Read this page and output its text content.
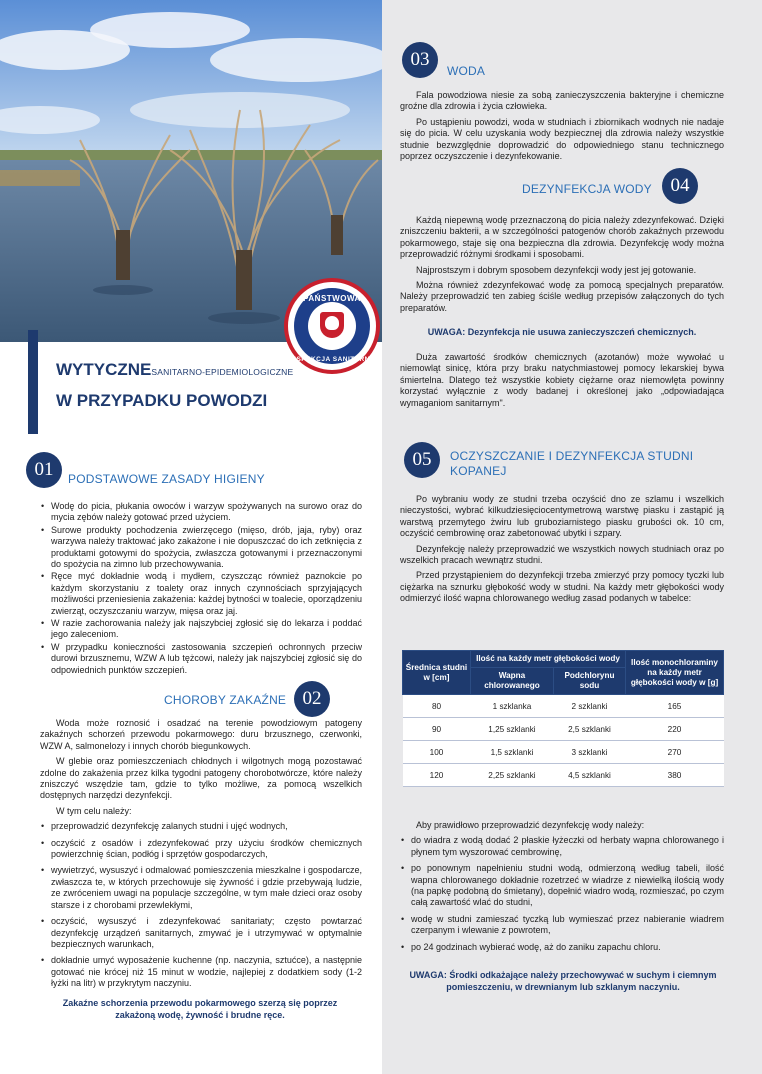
PAŃSTWOWA
INSPEKCJA SANITARNA
WYTYCZNESANITARNO-EPIDEMIOLOGICZNE
W PRZYPADKU POWODZI
01	PODSTAWOWE ZASADY HIGIENY
• Wodę do picia, płukania owoców i warzyw spożywanych na surowo oraz do mycia zębów należy gotować przed użyciem.
• Surowe produkty pochodzenia zwierzęcego (mięso, drób, jaja, ryby) oraz warzywa należy traktować jako zakażone i nie dopuszczać do ich zetknięcia z produktami gotowymi do spożycia, zwłaszcza gotowanymi i przeznaczonymi do spożycia na zimno lub przechowywania.
• Ręce myć dokładnie wodą i mydłem, czyszcząc również paznokcie po każdym skorzystaniu z toalety oraz innych czynnościach sprzyjających możliwości przeniesienia zakażenia: każdej bytności w toalecie, oporządzeniu zwierząt, oczyszczaniu warzyw, mięsa oraz jaj.
• W razie zachorowania należy jak najszybciej zgłosić się do lekarza i poddać jego zaleceniom.
• W przypadku konieczności zastosowania szczepień ochronnych przeciw durowi brzusznemu, WZW A lub tężcowi, należy jak najszybciej zgłosić się do odpowiednich punktów szczepień.
CHOROBY ZAKAŹNE 02

Woda może roznosić i osadzać na terenie powodziowym patogeny zakaźnych schorzeń przewodu pokarmowego: duru brzusznego, czerwonki, WZW A, salmonelozy i innych chorób biegunkowych.

W glebie oraz pomieszczeniach chłodnych i wilgotnych mogą pozostawać zdolne do zakażenia przez kilka tygodni patogeny chorobotwórcze, które należy zniszczyć wszędzie tam, gdzie to tylko możliwe, za pomocą wszelkich dostępnych narzędzi dezynfekcji.

W tym celu należy:

• przeprowadzić dezynfekcję zalanych studni i ujęć wodnych,
• oczyścić z osadów i zdezynfekować przy użyciu środków chemicznych powierzchnię ścian, podłóg i sprzętów gospodarczych,
• wywietrzyć, wysuszyć i odmalować pomieszczenia mieszkalne i gospodarcze, zwłaszcza te, w których przechowuje się żywność i gdzie przebywają ludzie, ze zwróceniem uwagi na populacje szczególne, w tym małe dzieci oraz osoby starsze i z chorobami przewlekłymi,
• oczyścić, wysuszyć i zdezynfekować sanitariaty; często powtarzać dezynfekcję urządzeń sanitarnych, zmywać je i utrzymywać w optymalnie bezpiecznych warunkach,
• dokładnie umyć wyposażenie kuchenne (np. naczynia, sztućce), a następnie gotować nie krócej niż 15 minut w wodzie, najlepiej z dodatkiem sody (1-2 łyżki na litr) w przykrytym naczyniu.
Zakaźne schorzenia przewodu pokarmowego szerzą się poprzez zakażoną wodę, żywność i brudne ręce.
03
WODA

Fala powodziowa niesie za sobą zanieczyszczenia bakteryjne i chemiczne groźne dla zdrowia i życia człowieka.

Po ustąpieniu powodzi, woda w studniach i zbiornikach wodnych nie nadaje się do picia. W celu uzyskania wody bezpiecznej dla zdrowia należy wszystkie studnie bezwzględnie doprowadzić do odpowiedniego stanu technicznego poprzez oczyszczenie i dezynfekowanie.

DEZYNFEKCJA WODY 04

Każdą niepewną wodę przeznaczoną do picia należy zdezynfekować. Dzięki zniszczeniu bakterii, a w szczególności patogenów chorób zakaźnych przewodu pokarmowego, staje się ona bezpieczna dla zdrowia. Dezynfekcję wody można przeprowadzić różnymi środkami i sposobami.

Najprostszym i dobrym sposobem dezynfekcji wody jest jej gotowanie.

Można również zdezynfekować wodę za pomocą specjalnych preparatów. Należy przeprowadzić ten zabieg ściśle według przepisów załączonych do tych preparatów.

UWAGA: Dezynfekcja nie usuwa zanieczyszczeń chemicznych.

Duża zawartość środków chemicznych (azotanów) może wywołać u niemowląt sinicę, która przy braku natychmiastowej pomocy lekarskiej bywa śmiertelna. Dlatego też wszystkie kobiety ciężarne oraz niemowlęta powinny korzystać wyłącznie z wody badanej i określonej jako „odpowiadająca wymaganiom sanitarnym".

05	OCZYSZCZANIE I DEZYNFEKCJA STUDNI KOPANEJ

Po wybraniu wody ze studni trzeba oczyścić dno ze szlamu i wszelkich nieczystości, wybrać kilkudziesięciocentymetrową warstwę piasku i zastąpić ją warstwą przemytego żwiru lub gruboziarnistego piasku grubości ok. 10 cm, oczyścić cembrowinę oraz zabetonować ubytki i szpary.

Dezynfekcję należy przeprowadzić we wszystkich nowych studniach oraz po wszelkich pracach wewnątrz studni.

Przed przystąpieniem do dezynfekcji trzeba zmierzyć przy pomocy tyczki lub ciężarka na sznurku głębokość wody w studni. Na każdy metr głębokości wody odmierzyć ilość wapna chlorowanego według zasad podanych w tabelce:

Średnica studni w [cm]	Ilość na każdy metr głębokości wody		Ilość monochloraminy na każdy metr głębokości wody w [g]
	Wapna chlorowanego	Podchlorynu sodu	
80	1 szklanka	2 szklanki	165
90	1,25 szklanki	2,5 szklanki	220
100	1,5 szklanki	3 szklanki	270
120	2,25 szklanki	4,5 szklanki	380

Aby prawidłowo przeprowadzić dezynfekcję wody należy:

• do wiadra z wodą dodać 2 płaskie łyżeczki od herbaty wapna chlorowanego i płynem tym wyszorować cembrowinę,
• po ponownym napełnieniu studni wodą, odmierzoną według tabeli, ilość wapna chlorowanego dokładnie rozetrzeć w wiadrze z niewielką ilością wody (na papkę podobną do śmietany), dopełnić wiadro wodą, rozmieszać, po czym całą zawartość wlać do studni,
• wodę w studni zamieszać tyczką lub wymieszać przez nabieranie wiadrem czerpanym i wlewanie z powrotem,
• po 24 godzinach wybierać wodę, aż do zaniku zapachu chloru.
UWAGA: Środki odkażające należy przechowywać w suchym i ciemnym pomieszczeniu, w drewnianym lub szklanym naczyniu.
